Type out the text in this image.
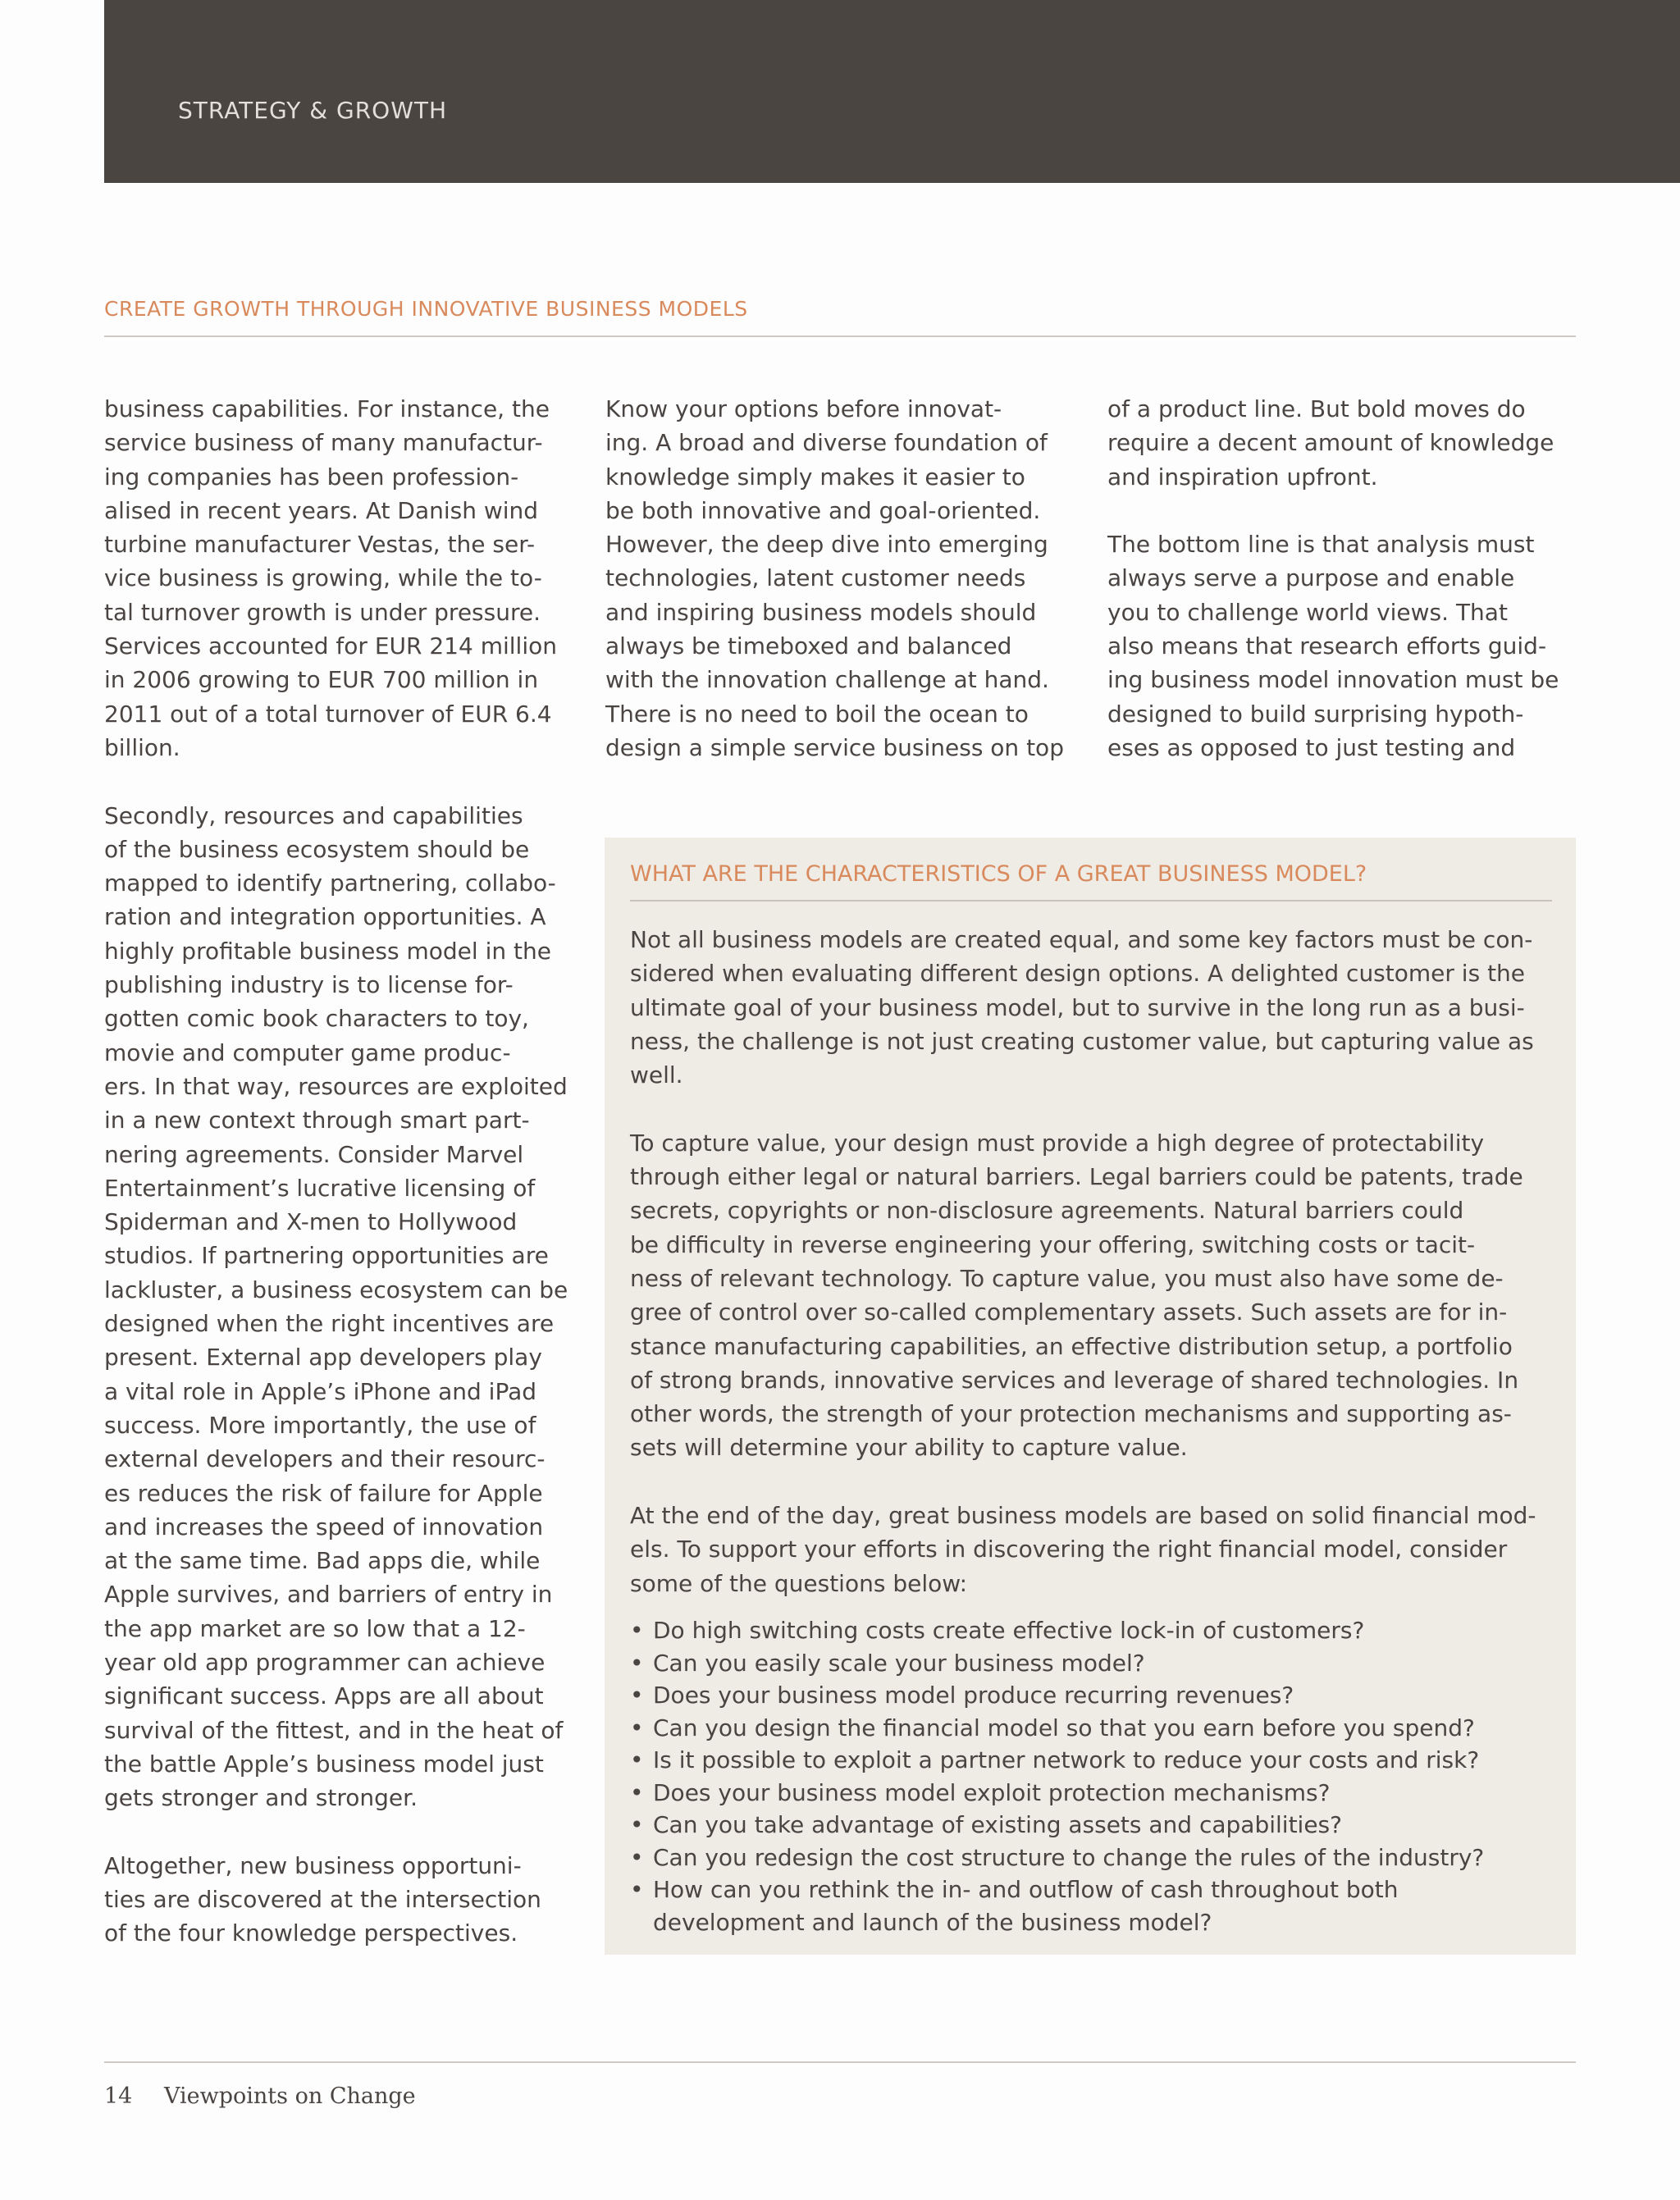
STRATEGY & GROWTH
CREATE GROWTH THROUGH INNOVATIVE BUSINESS MODELS

business capabilities. For instance, the
service business of many manufactur-
ing companies has been profession-
alised in recent years. At Danish wind
turbine manufacturer Vestas, the ser-
vice business is growing, while the to-
tal turnover growth is under pressure.
Services accounted for EUR 214 million
in 2006 growing to EUR 700 million in
2011 out of a total turnover of EUR 6.4
billion.

Secondly, resources and capabilities
of the business ecosystem should be
mapped to identify partnering, collabo-
ration and integration opportunities. A
highly profitable business model in the
publishing industry is to license for-
gotten comic book characters to toy,
movie and computer game produc-
ers. In that way, resources are exploited
in a new context through smart part-
nering agreements. Consider Marvel
Entertainment’s lucrative licensing of
Spiderman and X-men to Hollywood
studios. If partnering opportunities are
lackluster, a business ecosystem can be
designed when the right incentives are
present. External app developers play
a vital role in Apple’s iPhone and iPad
success. More importantly, the use of
external developers and their resourc-
es reduces the risk of failure for Apple
and increases the speed of innovation
at the same time. Bad apps die, while
Apple survives, and barriers of entry in
the app market are so low that a 12-
year old app programmer can achieve
significant success. Apps are all about
survival of the fittest, and in the heat of
the battle Apple’s business model just
gets stronger and stronger.

Altogether, new business opportuni-
ties are discovered at the intersection
of the four knowledge perspectives.

Know your options before innovat-
ing. A broad and diverse foundation of
knowledge simply makes it easier to
be both innovative and goal-oriented.
However, the deep dive into emerging
technologies, latent customer needs
and inspiring business models should
always be timeboxed and balanced
with the innovation challenge at hand.
There is no need to boil the ocean to
design a simple service business on top

of a product line. But bold moves do
require a decent amount of knowledge
and inspiration upfront.

The bottom line is that analysis must
always serve a purpose and enable
you to challenge world views. That
also means that research efforts guid-
ing business model innovation must be
designed to build surprising hypoth-
eses as opposed to just testing and

WHAT ARE THE CHARACTERISTICS OF A GREAT BUSINESS MODEL?

Not all business models are created equal, and some key factors must be con-
sidered when evaluating different design options. A delighted customer is the
ultimate goal of your business model, but to survive in the long run as a busi-
ness, the challenge is not just creating customer value, but capturing value as
well.

To capture value, your design must provide a high degree of protectability
through either legal or natural barriers. Legal barriers could be patents, trade
secrets, copyrights or non-disclosure agreements. Natural barriers could
be difficulty in reverse engineering your offering, switching costs or tacit-
ness of relevant technology. To capture value, you must also have some de-
gree of control over so-called complementary assets. Such assets are for in-
stance manufacturing capabilities, an effective distribution setup, a portfolio
of strong brands, innovative services and leverage of shared technologies. In
other words, the strength of your protection mechanisms and supporting as-
sets will determine your ability to capture value.

At the end of the day, great business models are based on solid financial mod-
els. To support your efforts in discovering the right financial model, consider
some of the questions below:

• Do high switching costs create effective lock-in of customers?
• Can you easily scale your business model?
• Does your business model produce recurring revenues?
• Can you design the financial model so that you earn before you spend?
• Is it possible to exploit a partner network to reduce your costs and risk?
• Does your business model exploit protection mechanisms?
• Can you take advantage of existing assets and capabilities?
• Can you redesign the cost structure to change the rules of the industry?
• How can you rethink the in- and outflow of cash throughout both
development and launch of the business model?
14 Viewpoints on Change
